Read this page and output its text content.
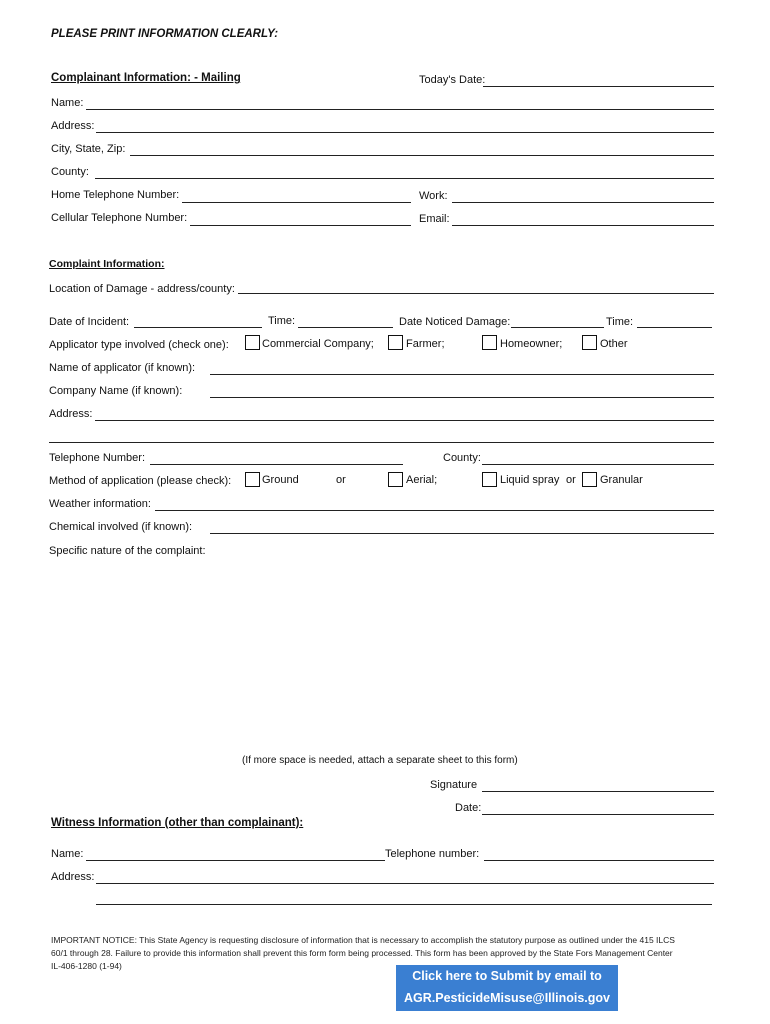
PLEASE PRINT INFORMATION CLEARLY:
Complainant Information: - Mailing	Today's Date:
Name:
Address:
City, State, Zip:
County:
Home Telephone Number:	Work:
Cellular Telephone Number:	Email:
Complaint Information:
Location of Damage - address/county:
Date of Incident:	Time:	Date Noticed Damage:	Time:
Applicator type involved (check one):	Commercial Company;	Farmer;	Homeowner;	Other
Name of applicator (if known):
Company Name (if known):
Address:
Telephone Number:	County:
Method of application (please check):	Ground	or	Aerial;	Liquid spray or Granular
Weather information:
Chemical involved (if known):
Specific nature of the complaint:
(If more space is needed, attach a separate sheet to this form)
Signature
Date:
Witness Information (other than complainant):
Name:	Telephone number:
Address:
IMPORTANT NOTICE: This State Agency is requesting disclosure of information that is necessary to accomplish the statutory purpose as outlined under the 415 ILCS
60/1 through 28. Failure to provide this information shall prevent this form form being processed. This form has been approved by the State Fors Management Center
IL-406-1280 (1-94)
Click here to Submit by email to
AGR.PesticideMisuse@Illinois.gov
